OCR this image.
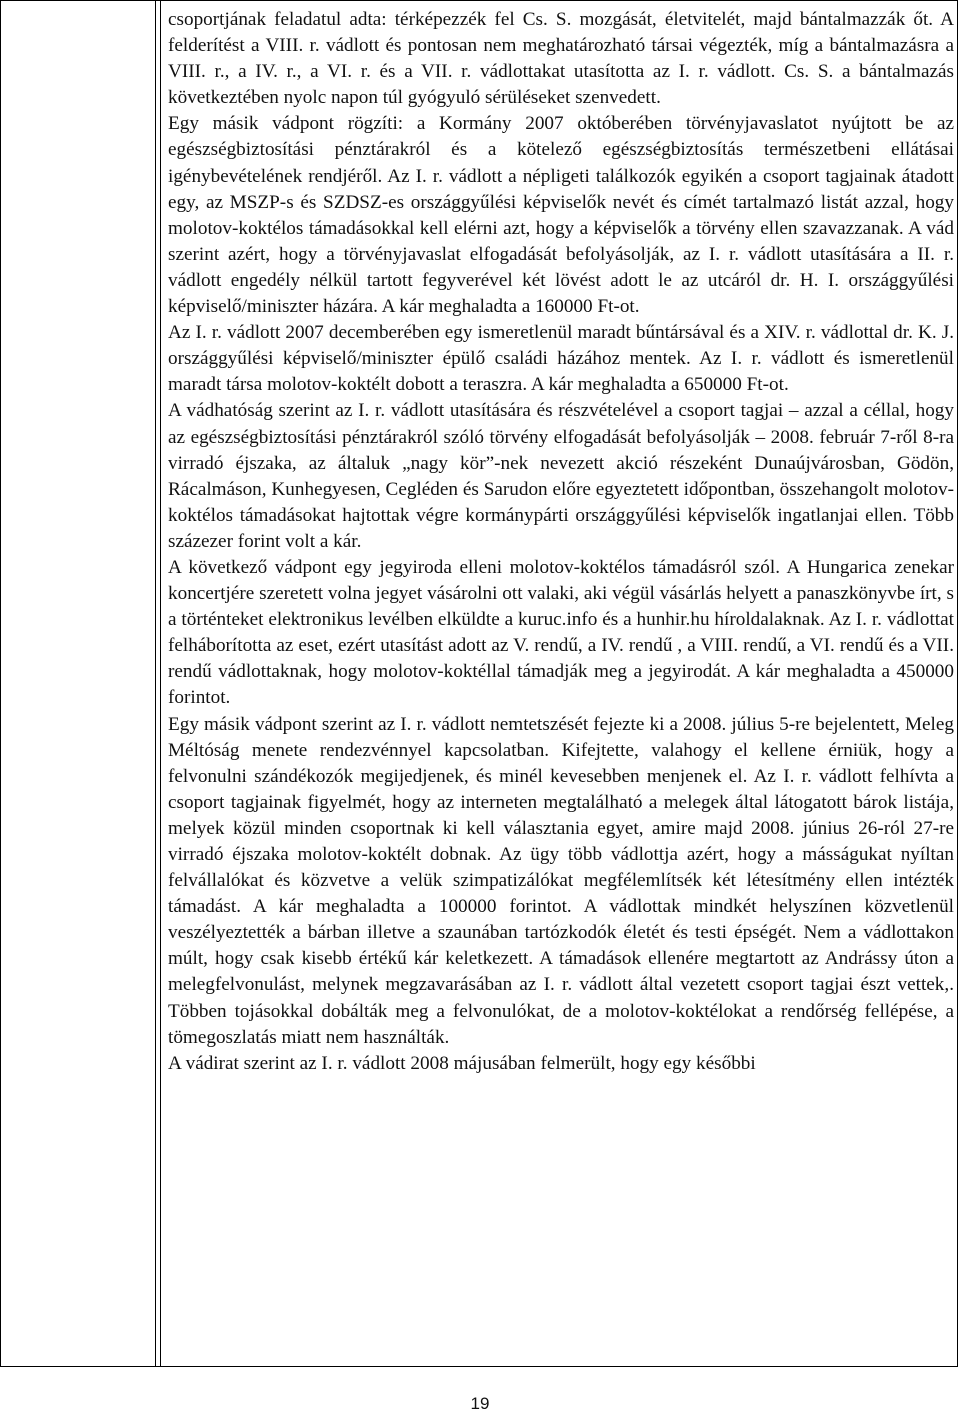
csoportjának feladatul adta: térképezzék fel Cs. S. mozgását, életvitelét, majd bántalmazzák őt. A felderítést a VIII. r. vádlott és pontosan nem meghatározható társai végezték, míg a bántalmazásra a VIII. r., a IV. r., a VI. r. és a VII. r. vádlottakat utasította az I. r. vádlott. Cs. S. a bántalmazás következtében nyolc napon túl gyógyuló sérüléseket szenvedett.

Egy másik vádpont rögzíti: a Kormány 2007 októberében törvényjavaslatot nyújtott be az egészségbiztosítási pénztárakról és a kötelező egészségbiztosítás természetbeni ellátásai igénybevételének rendjéről. Az I. r. vádlott a népligeti találkozók egyikén a csoport tagjainak átadott egy, az MSZP-s és SZDSZ-es országgyűlési képviselők nevét és címét tartalmazó listát azzal, hogy molotov-koktélos támadásokkal kell elérni azt, hogy a képviselők a törvény ellen szavazzanak. A vád szerint azért, hogy a törvényjavaslat elfogadását befolyásolják, az I. r. vádlott utasítására a II. r. vádlott engedély nélkül tartott fegyverével két lövést adott le az utcáról dr. H. I. országgyűlési képviselő/miniszter házára. A kár meghaladta a 160000 Ft-ot.

Az I. r. vádlott 2007 decemberében egy ismeretlenül maradt bűntársával és a XIV. r. vádlottal dr. K. J. országgyűlési képviselő/miniszter épülő családi házához mentek. Az I. r. vádlott és ismeretlenül maradt társa molotov-koktélt dobott a teraszra. A kár meghaladta a 650000 Ft-ot.

A vádhatóság szerint az I. r. vádlott utasítására és részvételével a csoport tagjai – azzal a céllal, hogy az egészségbiztosítási pénztárakról szóló törvény elfogadását befolyásolják – 2008. február 7-ről 8-ra virradó éjszaka, az általuk „nagy kör”-nek nevezett akció részeként Dunaújvárosban, Gödön, Rácalmáson, Kunhegyesen, Cegléden és Sarudon előre egyeztetett időpontban, összehangolt molotov-koktélos támadásokat hajtottak végre kormánypárti országgyűlési képviselők ingatlanjai ellen. Több százezer forint volt a kár.

A következő vádpont egy jegyiroda elleni molotov-koktélos támadásról szól. A Hungarica zenekar koncertjére szeretett volna jegyet vásárolni ott valaki, aki végül vásárlás helyett a panaszkönyvbe írt, s a történteket elektronikus levélben elküldte a kuruc.info és a hunhir.hu híroldalaknak. Az I. r. vádlottat felháborította az eset, ezért utasítást adott az V. rendű, a IV. rendű , a VIII. rendű, a VI. rendű és a VII. rendű vádlottaknak, hogy molotov-koktéllal támadják meg a jegyirodát. A kár meghaladta a 450000 forintot.

Egy másik vádpont szerint az I. r. vádlott nemtetszését fejezte ki a 2008. július 5-re bejelentett, Meleg Méltóság menete rendezvénnyel kapcsolatban. Kifejtette, valahogy el kellene érniük, hogy a felvonulni szándékozók megijedjenek, és minél kevesebben menjenek el. Az I. r. vádlott felhívta a csoport tagjainak figyelmét, hogy az interneten megtalálható a melegek által látogatott bárok listája, melyek közül minden csoportnak ki kell választania egyet, amire majd 2008. június 26-ról 27-re virradó éjszaka molotov-koktélt dobnak. Az ügy több vádlottja azért, hogy a másságukat nyíltan felvállalókat és közvetve a velük szimpatizálókat megfélemlítsék két létesítmény ellen intézték támadást. A kár meghaladta a 100000 forintot. A vádlottak mindkét helyszínen közvetlenül veszélyeztették a bárban illetve a szaunában tartózkodók életét és testi épségét. Nem a vádlottakon múlt, hogy csak kisebb értékű kár keletkezett. A támadások ellenére megtartott az Andrássy úton a melegfelvonulást, melynek megzavarásában az I. r. vádlott által vezetett csoport tagjai észt vettek,. Többen tojásokkal dobálták meg a felvonulókat, de a molotov-koktélokat a rendőrség fellépése, a tömegoszlatás miatt nem használták.

A vádirat szerint az I. r. vádlott 2008 májusában felmerült, hogy egy későbbi

19
